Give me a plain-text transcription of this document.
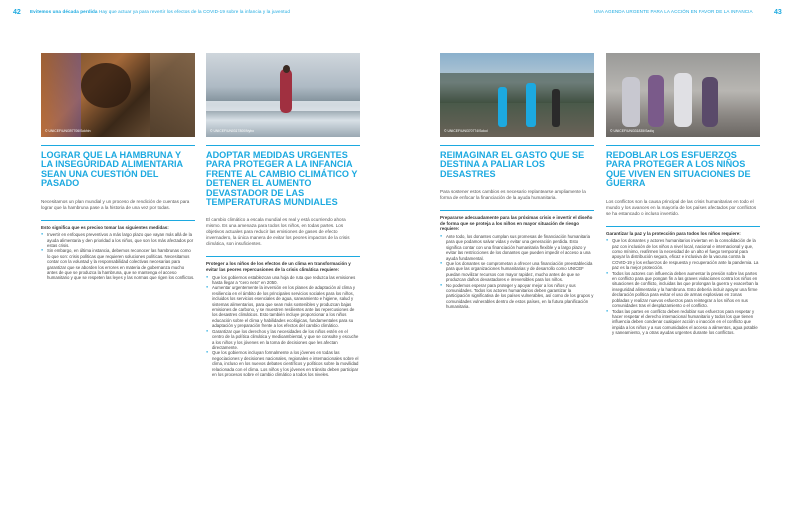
42 Evitemos una década perdida Hay que actuar ya para revertir los efectos de la COVID-19 sobre la infancia y la juventud	UNA AGENDA URGENTE PARA LA ACCIÓN EN FAVOR DE LA INFANCIA	43
© UNICEF/UNI397706/Sokhin
LOGRAR QUE LA HAMBRUNA Y LA INSEGURIDAD ALIMENTARIA SEAN UNA CUESTIÓN DEL PASADO
Necesitamos un plan mundial y un proceso de rendición de cuentas para lograr que la hambruna pase a la historia de una vez por todas.
Esto significa que es preciso tomar las siguientes medidas:
● Invertir en enfoques preventivos a más largo plazo que vayan más allá de la ayuda alimentaria y den prioridad a los niños, que son los más afectados por estas crisis.
● Sin embargo, en última instancia, debemos reconocer las hambrunas como lo que son: crisis políticas que requieren soluciones políticas. Necesitamos contar con la voluntad y la responsabilidad colectivas necesarias para garantizar que se aborden los errores en materia de gobernanza mucho antes de que se produzca la hambruna, que se mantenga el acceso humanitario y que se respeten las leyes y las normas que rigen los conflictos.
© UNICEF/UN0317800/Nybo
ADOPTAR MEDIDAS URGENTES PARA PROTEGER A LA INFANCIA FRENTE AL CAMBIO CLIMÁTICO Y DETENER EL AUMENTO DEVASTADOR DE LAS TEMPERATURAS MUNDIALES
El cambio climático a escala mundial es real y está ocurriendo ahora mismo. Es una amenaza para todos los niños, en todas partes. Los objetivos actuales para reducir las emisiones de gases de efecto invernadero, la única manera de evitar los peores impactos de la crisis climática, son insuficientes.
Proteger a los niños de los efectos de un clima en transformación y evitar las peores repercusiones de la crisis climática requiere:
● Que los gobiernos establezcan una hoja de ruta que reduzca las emisiones hasta llegar a “cero neto” en 2050.
● Aumentar urgentemente la inversión en los planes de adaptación al clima y resiliencia en el ámbito de los principales servicios sociales para los niños, incluidos los servicios esenciales de agua, saneamiento e higiene, salud y sistemas alimentarios, para que sean más sostenibles y produzcan bajas emisiones de carbono, y se muestren resilientes ante las repercusiones de los desastres climáticos. Esto también incluye proporcionar a los niños educación sobre el clima y habilidades ecológicas, fundamentales para su adaptación y preparación frente a los efectos del cambio climático.
● Garantizar que los derechos y las necesidades de los niños estén en el centro de la política climática y medioambiental, y que se consulte y escuche a los niños y los jóvenes en la toma de decisiones que les afectan directamente.
● Que los gobiernos incluyan formalmente a los jóvenes en todas las negociaciones y decisiones nacionales, regionales e internacionales sobre el clima, incluso en los nuevos debates científicos y políticos sobre la movilidad relacionada con el clima. Los niños y los jóvenes en tránsito deben participar en los procesos sobre el cambio climático a todos los niveles.
© UNICEF/UNI370774/Sokol
REIMAGINAR EL GASTO QUE SE DESTINA A PALIAR LOS DESASTRES
Para sostener estos cambios es necesario replantearse ampliamente la forma de enfocar la financiación de la ayuda humanitaria.
Prepararse adecuadamente para las próximas crisis e invertir el diseño de forma que se proteja a los niños en mayor situación de riesgo requiere:
● Ante todo, los donantes cumplan sus promesas de financiación humanitaria para que podamos salvar vidas y evitar una generación perdida. Esto significa contar con una financiación humanitaria flexible y a largo plazo y evitar las restricciones de los donantes que pueden impedir el acceso a una ayuda fundamental.
● Que los donantes se comprometan a ofrecer una financiación preestablecida para que las organizaciones humanitarias y de desarrollo como UNICEF puedan movilizar recursos con mayor rapidez, mucho antes de que se produzcan daños devastadores e irreversibles para los niños.
● No podemos esperar para proteger y apoyar mejor a los niños y sus comunidades. Todos los actores humanitarios deben garantizar la participación significativa de los países vulnerables, así como de los grupos y comunidades vulnerables dentro de estos países, en la futura planificación humanitaria.
© UNICEF/UNI331835/Sadiq
REDOBLAR LOS ESFUERZOS PARA PROTEGER A LOS NIÑOS QUE VIVEN EN SITUACIONES DE GUERRA
Los conflictos son la causa principal de las crisis humanitarias en todo el mundo y los avances en la mayoría de los países afectados por conflictos se ha estancado o incluso invertido.
Garantizar la paz y la protección para todos los niños requiere:
● Que los donantes y actores humanitarios inviertan en la consolidación de la paz con inclusión de los niños a nivel local, nacional e internacional y que, como mínimo, reafirmen la necesidad de un alto el fuego temporal para apoyar la distribución segura, eficaz e inclusiva de la vacuna contra la COVID-19 y los esfuerzos de respuesta y recuperación ante la pandemia. La paz es la mejor protección.
● Todos los actores con influencia deben aumentar la presión sobre las partes en conflicto para que pongan fin a las graves violaciones contra los niños en situaciones de conflicto, incluidas las que prolongan la guerra y exacerban la inseguridad alimentaria y la hambruna. Esto debería incluir apoyar una firme declaración política para evitar el uso de armas explosivas en zonas pobladas y realizar nuevos esfuerzos para reintegrar a los niños en sus comunidades tras el desplazamiento o el conflicto.
● Todas las partes en conflicto deben redoblar sus esfuerzos para respetar y hacer respetar el derecho internacional humanitario y todos los que tienen influencia deben condenar cualquier acción o inacción en el conflicto que impida a los niños y a sus comunidades el acceso a alimentos, agua potable y saneamiento, y a otras ayudas urgentes durante los conflictos.
